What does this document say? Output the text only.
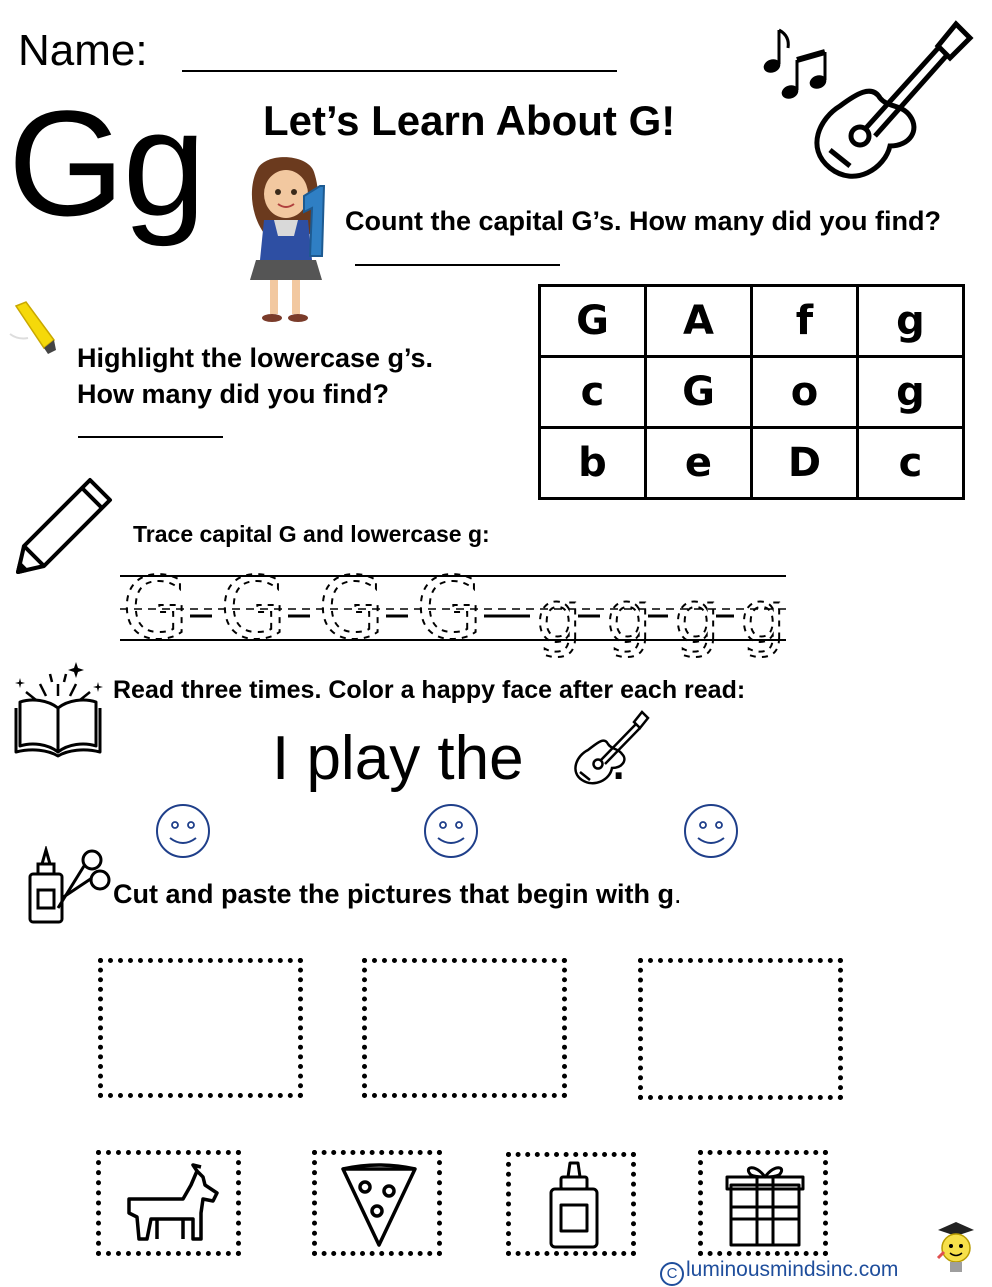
Name:
Gg Let’s Learn About G!
Count the capital G’s. How many did you find?
Highlight the lowercase g’s.
How many did you find?
G	A	f	g
c	G	o	g
b	e	D	c
Trace capital G and lowercase g:
G G G G g g g g
Read three times. Color a happy face after each read:
I play the .
Cut and paste the pictures that begin with g.
C luminousmindsinc.com
